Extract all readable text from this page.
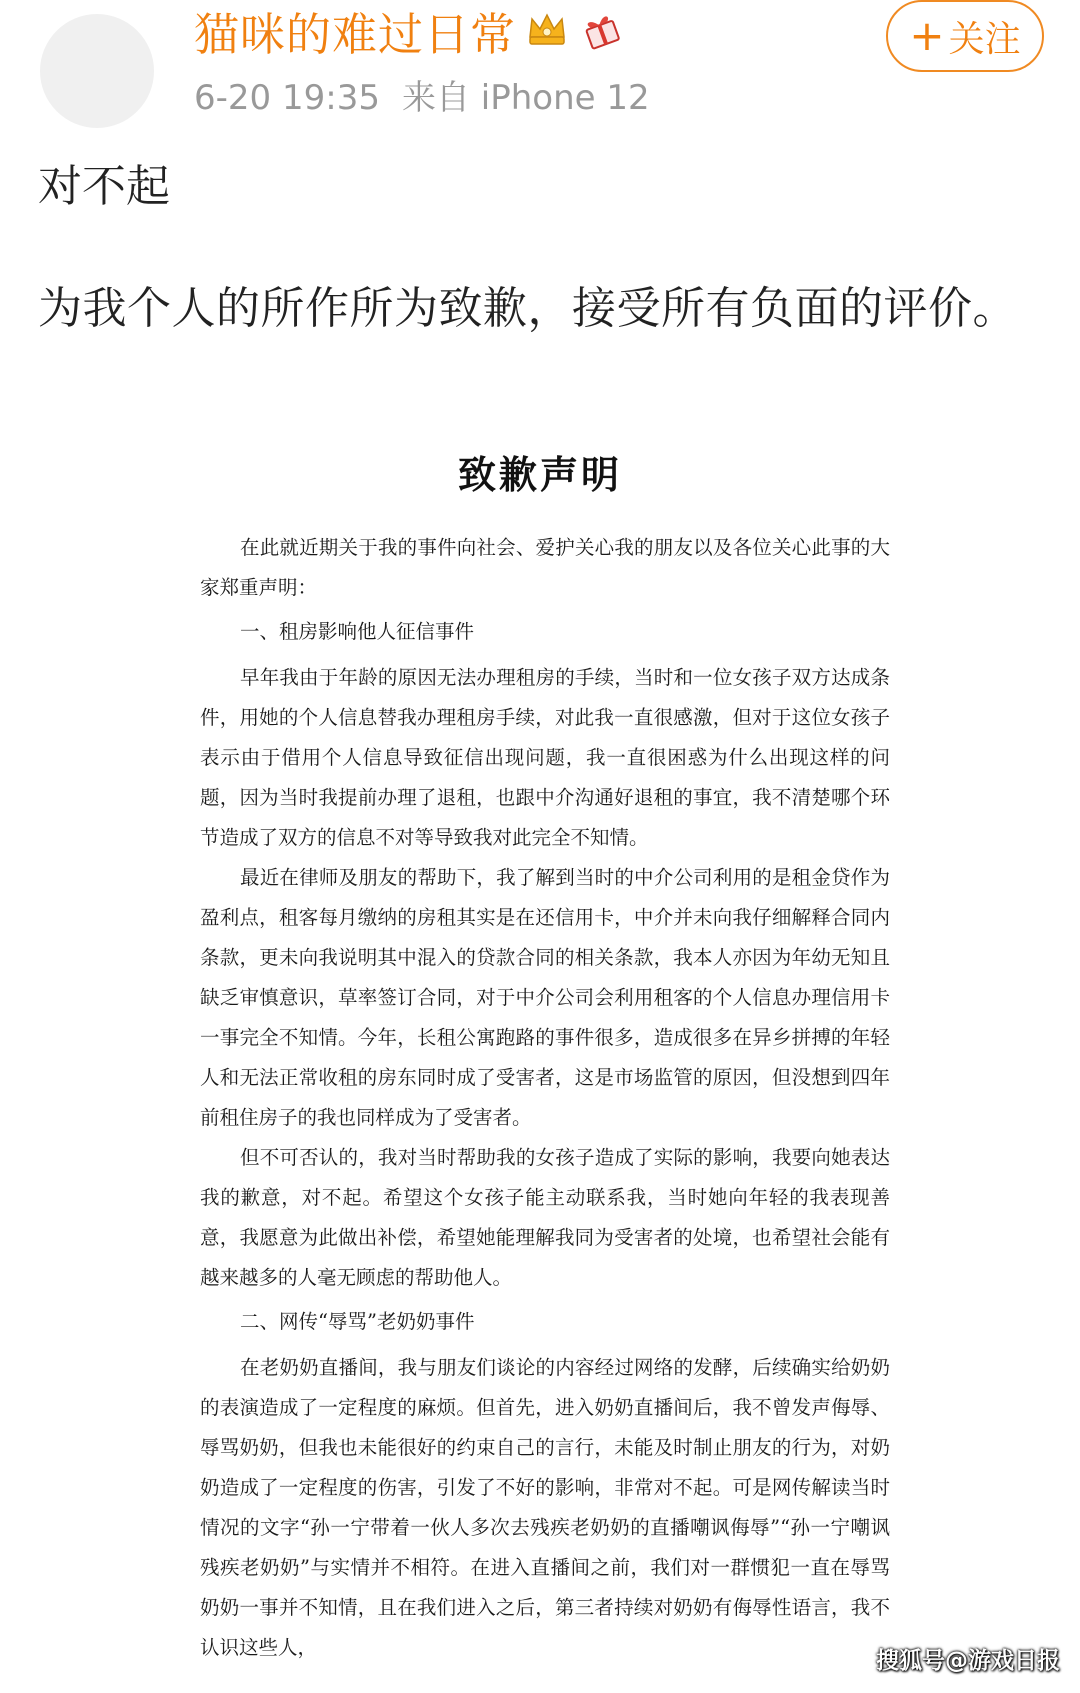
猫咪的难过日常
6-20 19:35 来自 iPhone 12
+ 关注
对不起
为我个人的所作所为致歉，接受所有负面的评价。
致歉声明

在此就近期关于我的事件向社会、爱护关心我的朋友以及各位关心此事的大家郑重声明：

一、租房影响他人征信事件

早年我由于年龄的原因无法办理租房的手续，当时和一位女孩子双方达成条件，用她的个人信息替我办理租房手续，对此我一直很感激，但对于这位女孩子表示由于借用个人信息导致征信出现问题，我一直很困惑为什么出现这样的问题，因为当时我提前办理了退租，也跟中介沟通好退租的事宜，我不清楚哪个环节造成了双方的信息不对等导致我对此完全不知情。

最近在律师及朋友的帮助下，我了解到当时的中介公司利用的是租金贷作为盈利点，租客每月缴纳的房租其实是在还信用卡，中介并未向我仔细解释合同内条款，更未向我说明其中混入的贷款合同的相关条款，我本人亦因为年幼无知且缺乏审慎意识，草率签订合同，对于中介公司会利用租客的个人信息办理信用卡一事完全不知情。今年，长租公寓跑路的事件很多，造成很多在异乡拼搏的年轻人和无法正常收租的房东同时成了受害者，这是市场监管的原因，但没想到四年前租住房子的我也同样成为了受害者。

但不可否认的，我对当时帮助我的女孩子造成了实际的影响，我要向她表达我的歉意，对不起。希望这个女孩子能主动联系我，当时她向年轻的我表现善意，我愿意为此做出补偿，希望她能理解我同为受害者的处境，也希望社会能有越来越多的人毫无顾虑的帮助他人。

二、网传“辱骂”老奶奶事件

在老奶奶直播间，我与朋友们谈论的内容经过网络的发酵，后续确实给奶奶的表演造成了一定程度的麻烦。但首先，进入奶奶直播间后，我不曾发声侮辱、辱骂奶奶，但我也未能很好的约束自己的言行，未能及时制止朋友的行为，对奶奶造成了一定程度的伤害，引发了不好的影响，非常对不起。可是网传解读当时情况的文字“孙一宁带着一伙人多次去残疾老奶奶的直播嘲讽侮辱”“孙一宁嘲讽残疾老奶奶”与实情并不相符。在进入直播间之前，我们对一群惯犯一直在辱骂奶奶一事并不知情，且在我们进入之后，第三者持续对奶奶有侮辱性语言，我不认识这些人，

搜狐号@游戏日报
